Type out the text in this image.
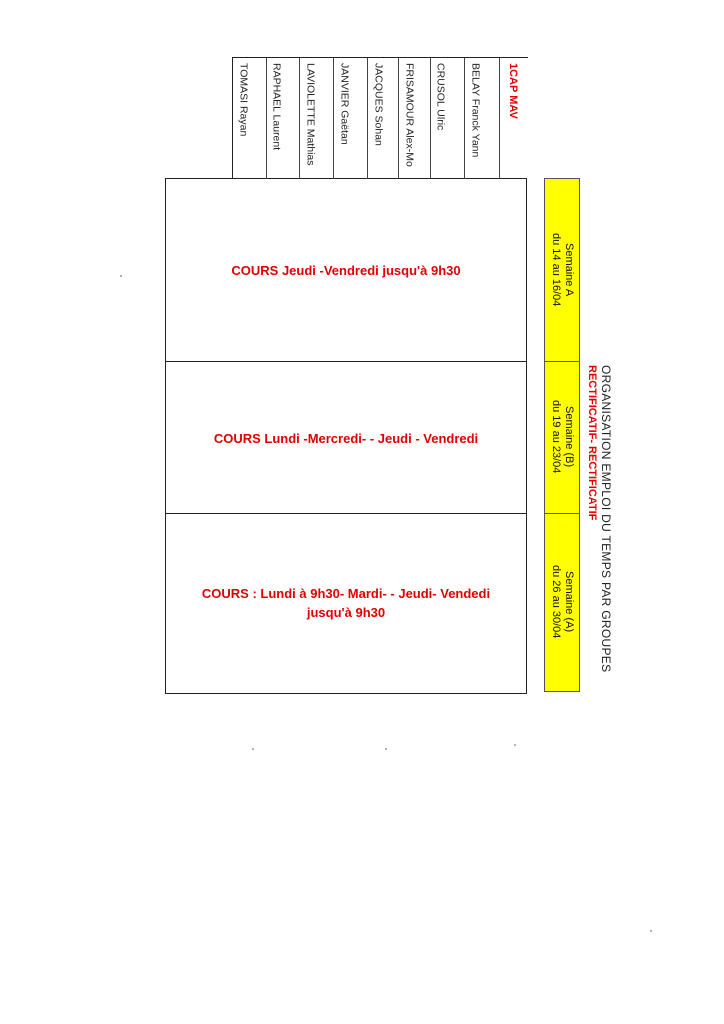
ORGANISATION EMPLOI DU TEMPS PAR GROUPES
RECTIFICATIF- RECTIFICATIF
Semaine A
du 14 au 16/04
Semaine (B)
du 19 au 23/04
Semaine (A)
du 26 au 30/04
COURS Jeudi -Vendredi jusqu'à 9h30
COURS Lundi -Mercredi- - Jeudi - Vendredi
COURS : Lundi à 9h30- Mardi- - Jeudi- Vendedi
jusqu'à 9h30
1CAP MAV
BELAY Franck Yann
CRUSOL Ulric
FRISAMOUR Alex-Mo
JACQUES Sohan
JANVIER Gaëtan
LAVIOLETTE Mathias
RAPHAEL Laurent
TOMASI Rayan
